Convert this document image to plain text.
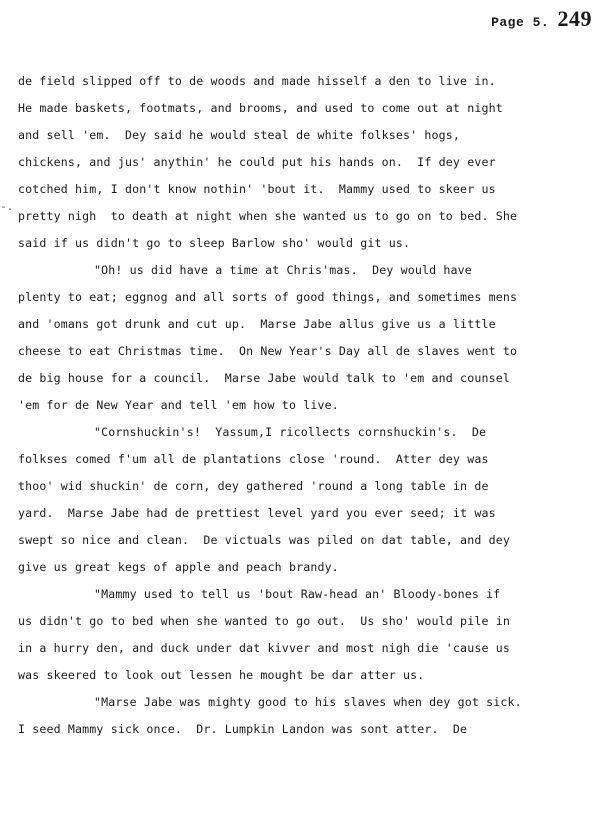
Page 5. 249
-.
de field slipped off to de woods and made hisself a den to live in.
He made baskets, footmats, and brooms, and used to come out at night
and sell 'em.  Dey said he would steal de white folkses' hogs,
chickens, and jus' anythin' he could put his hands on.  If dey ever
cotched him, I don't know nothin' 'bout it.  Mammy used to skeer us
pretty nigh  to death at night when she wanted us to go on to bed. She
said if us didn't go to sleep Barlow sho' would git us.
"Oh! us did have a time at Chris'mas.  Dey would have
plenty to eat; eggnog and all sorts of good things, and sometimes mens
and 'omans got drunk and cut up.  Marse Jabe allus give us a little
cheese to eat Christmas time.  On New Year's Day all de slaves went to
de big house for a council.  Marse Jabe would talk to 'em and counsel
'em for de New Year and tell 'em how to live.
"Cornshuckin's!  Yassum,I ricollects cornshuckin's.  De
folkses comed f'um all de plantations close 'round.  Atter dey was
thoo' wid shuckin' de corn, dey gathered 'round a long table in de
yard.  Marse Jabe had de prettiest level yard you ever seed; it was
swept so nice and clean.  De victuals was piled on dat table, and dey
give us great kegs of apple and peach brandy.
"Mammy used to tell us 'bout Raw-head an' Bloody-bones if
us didn't go to bed when she wanted to go out.  Us sho' would pile in
in a hurry den, and duck under dat kivver and most nigh die 'cause us
was skeered to look out lessen he mought be dar atter us.
"Marse Jabe was mighty good to his slaves when dey got sick.
I seed Mammy sick once.  Dr. Lumpkin Landon was sont atter.  De
